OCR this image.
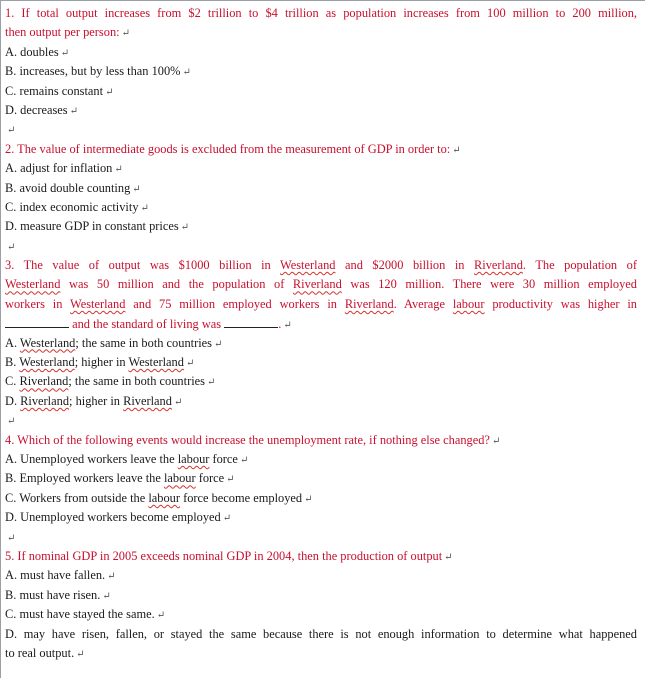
1. If total output increases from $2 trillion to $4 trillion as population increases from 100 million to 200 million,
then output per person: ↵
A. doubles ↵
B. increases, but by less than 100% ↵
C. remains constant ↵
D. decreases ↵
↵
2. The value of intermediate goods is excluded from the measurement of GDP in order to: ↵
A. adjust for inflation ↵
B. avoid double counting ↵
C. index economic activity ↵
D. measure GDP in constant prices ↵
↵
3. The value of output was $1000 billion in Westerland and $2000 billion in Riverland. The population of
Westerland was 50 million and the population of Riverland was 120 million. There were 30 million employed
workers in Westerland and 75 million employed workers in Riverland. Average labour productivity was higher in
and the standard of living was	. ↵
A. Westerland; the same in both countries ↵
B. Westerland; higher in Westerland ↵
C. Riverland; the same in both countries ↵
D. Riverland; higher in Riverland ↵
↵
4. Which of the following events would increase the unemployment rate, if nothing else changed? ↵
A. Unemployed workers leave the labour force ↵
B. Employed workers leave the labour force ↵
C. Workers from outside the labour force become employed ↵
D. Unemployed workers become employed ↵
↵
5. If nominal GDP in 2005 exceeds nominal GDP in 2004, then the production of output ↵
A. must have fallen. ↵
B. must have risen. ↵
C. must have stayed the same. ↵
D. may have risen, fallen, or stayed the same because there is not enough information to determine what happened
to real output. ↵
